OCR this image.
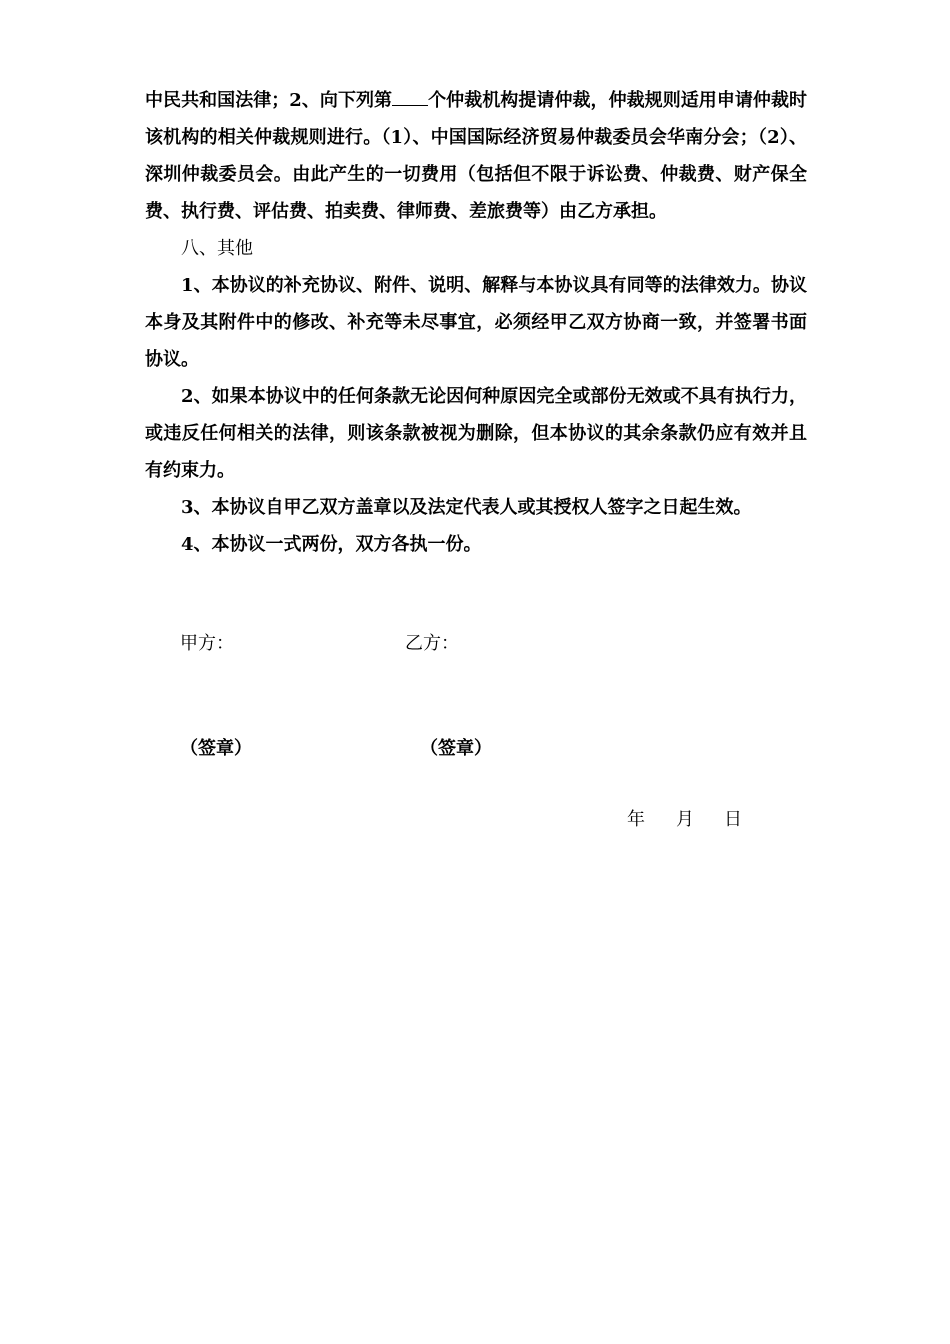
中民共和国法律；2、向下列第 个仲裁机构提请仲裁，仲裁规则适用申请仲裁时该机构的相关仲裁规则进行。（1）、中国国际经济贸易仲裁委员会华南分会；（2）、深圳仲裁委员会。由此产生的一切费用（包括但不限于诉讼费、仲裁费、财产保全费、执行费、评估费、拍卖费、律师费、差旅费等）由乙方承担。

八、其他

1、本协议的补充协议、附件、说明、解释与本协议具有同等的法律效力。协议本身及其附件中的修改、补充等未尽事宜，必须经甲乙双方协商一致，并签署书面协议。

2、如果本协议中的任何条款无论因何种原因完全或部份无效或不具有执行力，或违反任何相关的法律，则该条款被视为删除，但本协议的其余条款仍应有效并且有约束力。

3、本协议自甲乙双方盖章以及法定代表人或其授权人签字之日起生效。

4、本协议一式两份，双方各执一份。

甲方：	乙方：
（签章）	（签章）
年 月 日
